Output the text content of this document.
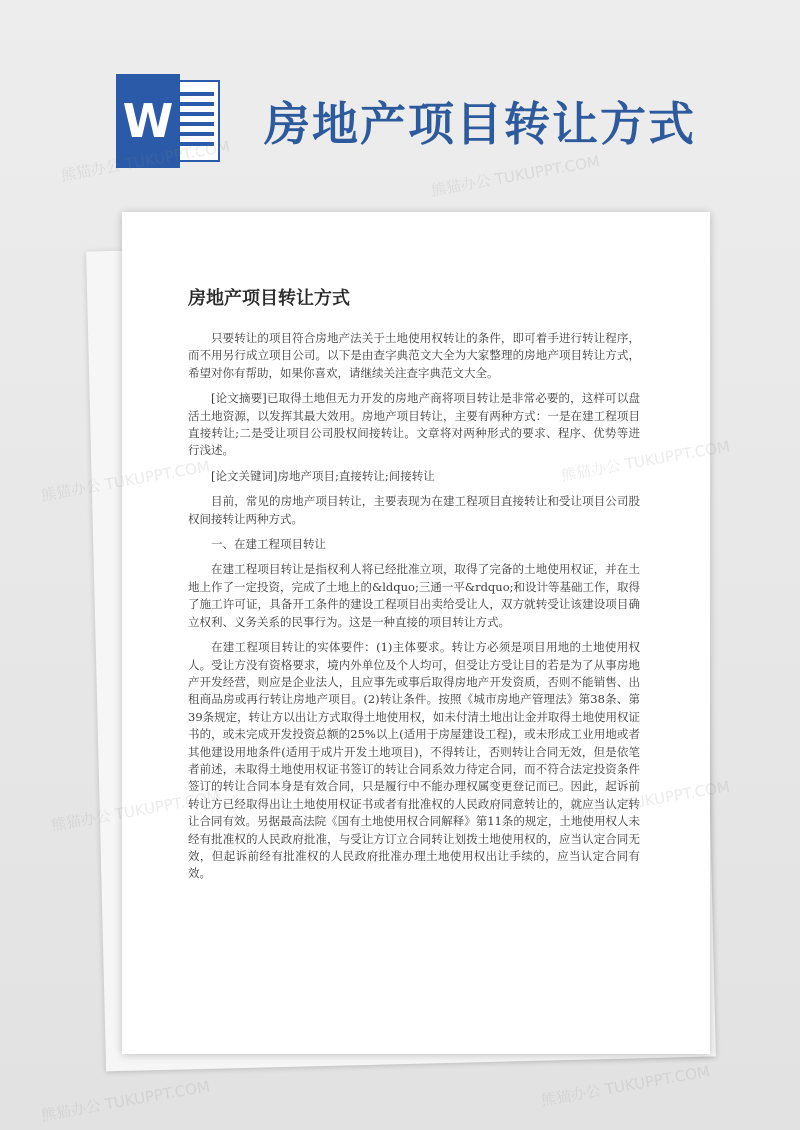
W 房地产项目转让方式
房地产项目转让方式

只要转让的项目符合房地产法关于土地使用权转让的条件，即可着手进行转让程序，而不用另行成立项目公司。以下是由查字典范文大全为大家整理的房地产项目转让方式，希望对你有帮助，如果你喜欢，请继续关注查字典范文大全。

[论文摘要]已取得土地但无力开发的房地产商将项目转让是非常必要的，这样可以盘活土地资源，以发挥其最大效用。房地产项目转让，主要有两种方式：一是在建工程项目直接转让;二是受让项目公司股权间接转让。文章将对两种形式的要求、程序、优势等进行浅述。

[论文关键词]房地产项目;直接转让;间接转让

目前，常见的房地产项目转让，主要表现为在建工程项目直接转让和受让项目公司股权间接转让两种方式。

一、在建工程项目转让

在建工程项目转让是指权利人将已经批准立项，取得了完备的土地使用权证，并在土地上作了一定投资，完成了土地上的&ldquo;三通一平&rdquo;和设计等基础工作，取得了施工许可证，具备开工条件的建设工程项目出卖给受让人，双方就转受让该建设项目确立权利、义务关系的民事行为。这是一种直接的项目转让方式。

在建工程项目转让的实体要件：(1)主体要求。转让方必须是项目用地的土地使用权人。受让方没有资格要求，境内外单位及个人均可，但受让方受让目的若是为了从事房地产开发经营，则应是企业法人，且应事先或事后取得房地产开发资质，否则不能销售、出租商品房或再行转让房地产项目。(2)转让条件。按照《城市房地产管理法》第38条、第39条规定，转让方以出让方式取得土地使用权，如未付清土地出让金并取得土地使用权证书的，或未完成开发投资总额的25%以上(适用于房屋建设工程)，或未形成工业用地或者其他建设用地条件(适用于成片开发土地项目)，不得转让，否则转让合同无效，但是依笔者前述，未取得土地使用权证书签订的转让合同系效力待定合同，而不符合法定投资条件签订的转让合同本身是有效合同，只是履行中不能办理权属变更登记而已。因此，起诉前转让方已经取得出让土地使用权证书或者有批准权的人民政府同意转让的，就应当认定转让合同有效。另据最高法院《国有土地使用权合同解释》第11条的规定，土地使用权人未经有批准权的人民政府批准，与受让方订立合同转让划拨土地使用权的，应当认定合同无效，但起诉前经有批准权的人民政府批准办理土地使用权出让手续的，应当认定合同有效。

熊猫办公	熊猫办公 TUKUPPT.COM
熊猫办公
熊猫办公
熊猫办公 TUKUPPT.COM	熊猫办公 TUKUPPT.COM
